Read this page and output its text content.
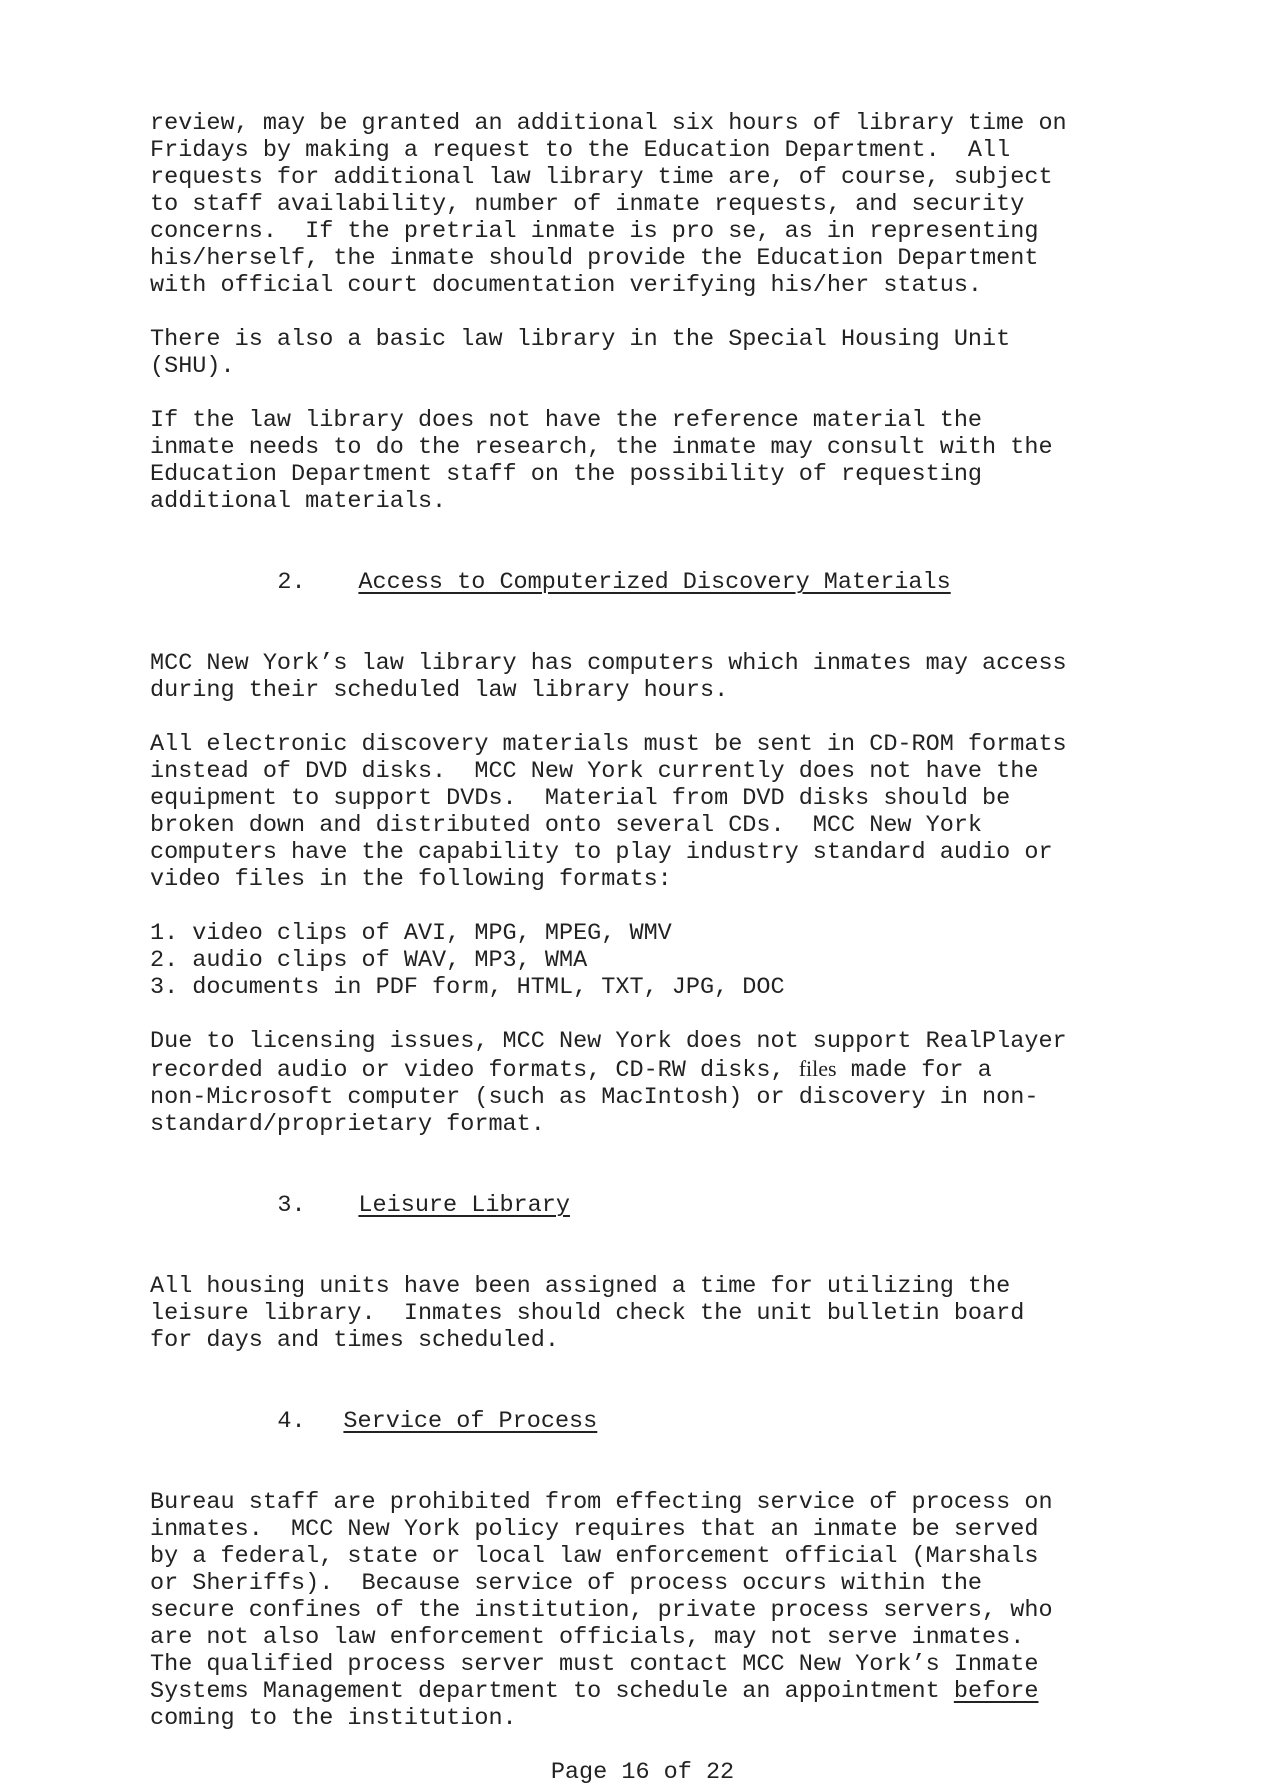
review, may be granted an additional six hours of library time on
Fridays by making a request to the Education Department.  All
requests for additional law library time are, of course, subject
to staff availability, number of inmate requests, and security
concerns.  If the pretrial inmate is pro se, as in representing
his/herself, the inmate should provide the Education Department
with official court documentation verifying his/her status.
There is also a basic law library in the Special Housing Unit
(SHU).
If the law library does not have the reference material the
inmate needs to do the research, the inmate may consult with the
Education Department staff on the possibility of requesting
additional materials.

2. Access to Computerized Discovery Materials

MCC New York’s law library has computers which inmates may access
during their scheduled law library hours.
All electronic discovery materials must be sent in CD-ROM formats
instead of DVD disks.  MCC New York currently does not have the
equipment to support DVDs.  Material from DVD disks should be
broken down and distributed onto several CDs.  MCC New York
computers have the capability to play industry standard audio or
video files in the following formats:
1. video clips of AVI, MPG, MPEG, WMV
2. audio clips of WAV, MP3, WMA
3. documents in PDF form, HTML, TXT, JPG, DOC
Due to licensing issues, MCC New York does not support RealPlayer
recorded audio or video formats, CD-RW disks, files made for a
non-Microsoft computer (such as MacIntosh) or discovery in non-
standard/proprietary format.

3. Leisure Library

All housing units have been assigned a time for utilizing the
leisure library.  Inmates should check the unit bulletin board
for days and times scheduled.

4. Service of Process

Bureau staff are prohibited from effecting service of process on
inmates.  MCC New York policy requires that an inmate be served
by a federal, state or local law enforcement official (Marshals
or Sheriffs).  Because service of process occurs within the
secure confines of the institution, private process servers, who
are not also law enforcement officials, may not serve inmates.
The qualified process server must contact MCC New York’s Inmate
Systems Management department to schedule an appointment before
coming to the institution.
Page 16 of 22
